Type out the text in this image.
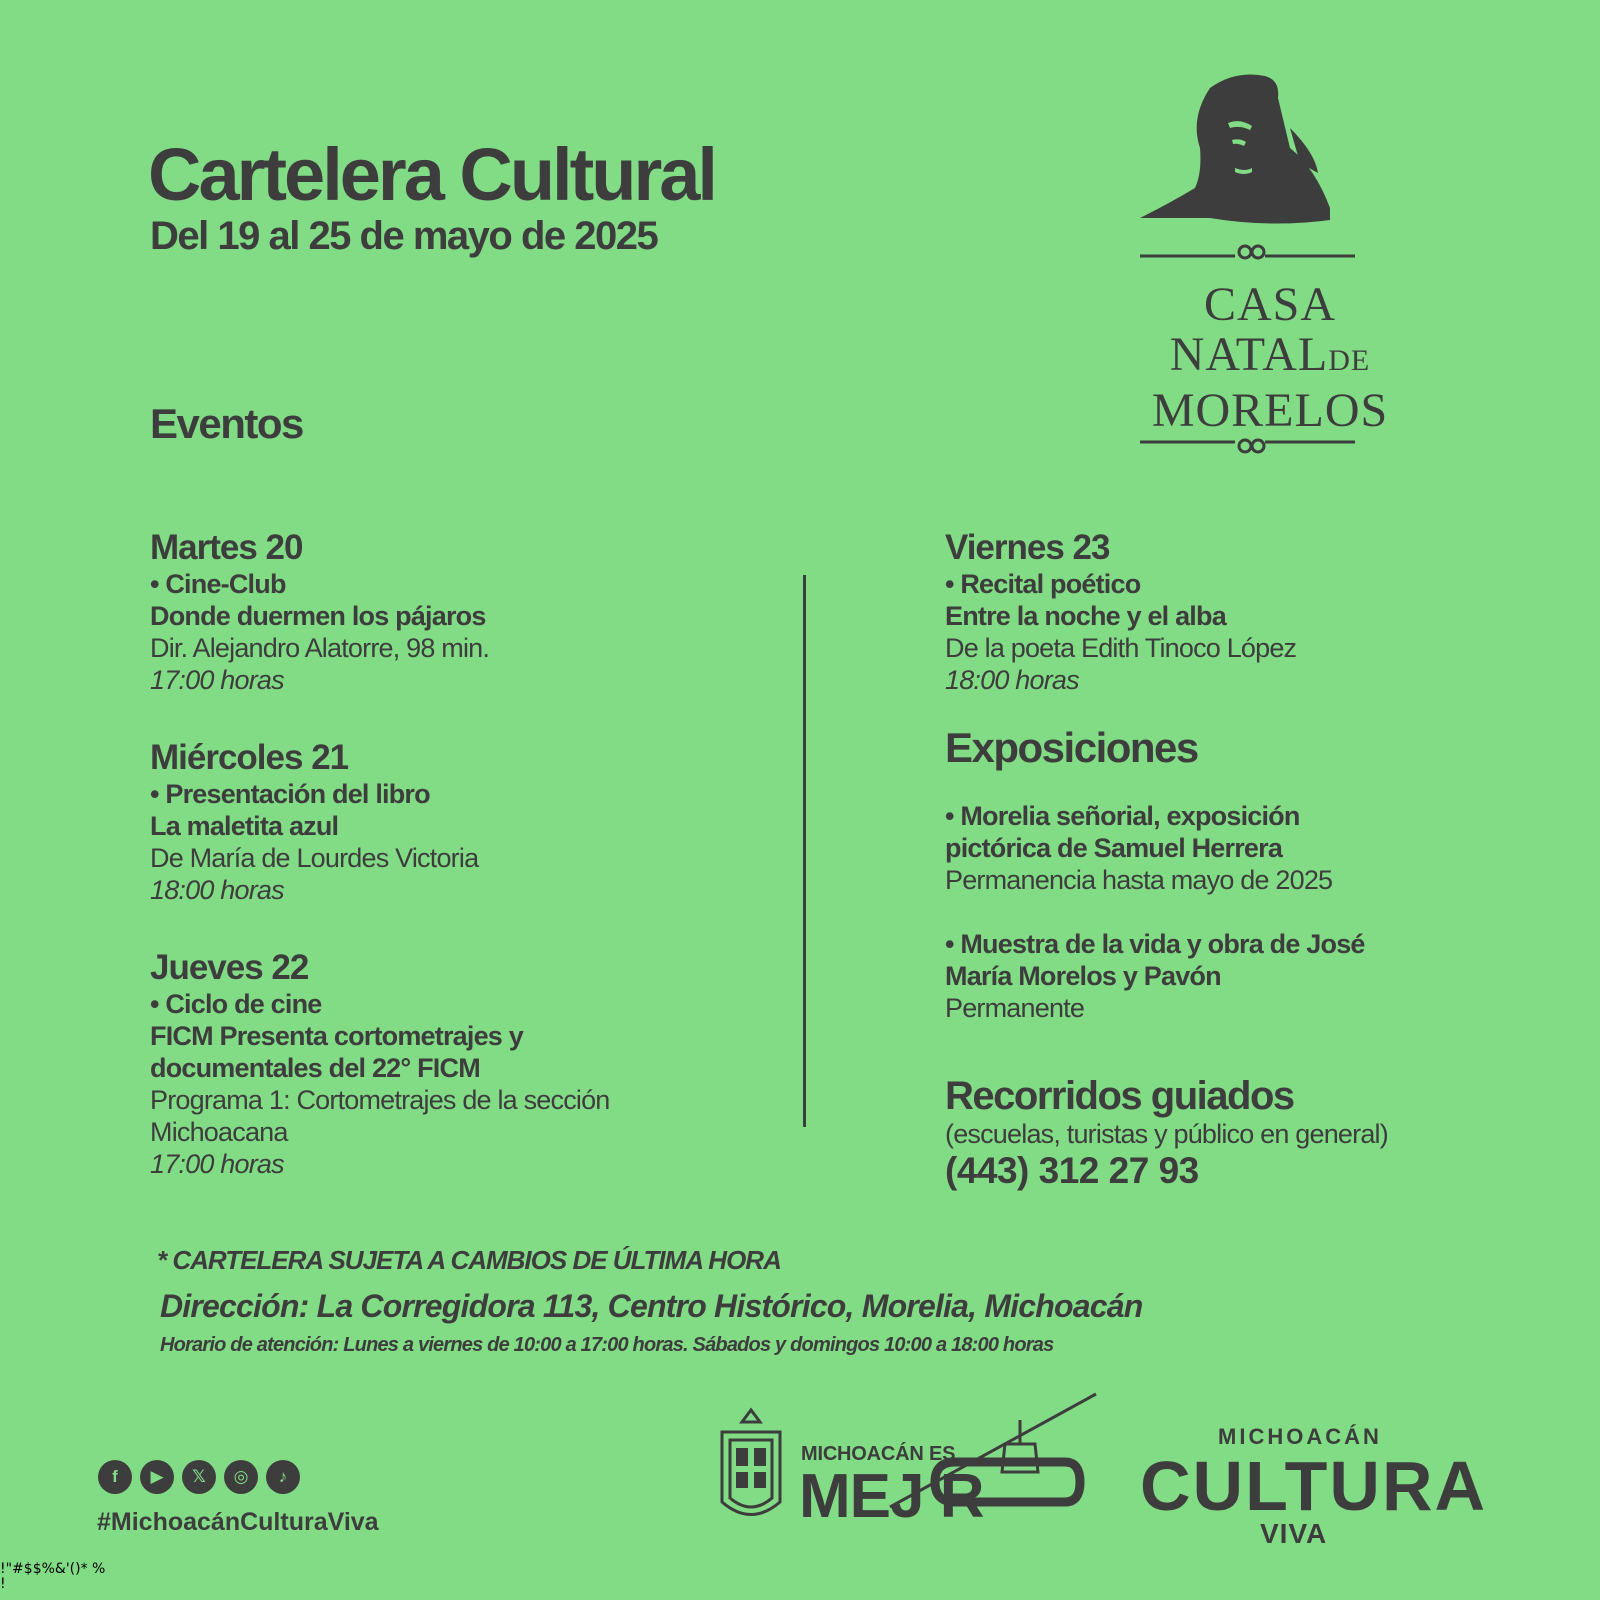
Cartelera Cultural
Del 19 al 25 de mayo de 2025
Eventos
CASA
NATALDE
MORELOS
Martes 20
• Cine-Club
Donde duermen los pájaros
Dir. Alejandro Alatorre, 98 min.
17:00 horas
Miércoles 21
• Presentación del libro
La maletita azul
De María de Lourdes Victoria
18:00 horas
Jueves 22
• Ciclo de cine
FICM Presenta cortometrajes y
documentales del 22° FICM
Programa 1: Cortometrajes de la sección
Michoacana
17:00 horas
Viernes 23
• Recital poético
Entre la noche y el alba
De la poeta Edith Tinoco López
18:00 horas
Exposiciones
• Morelia señorial, exposición
pictórica de Samuel Herrera
Permanencia hasta mayo de 2025
• Muestra de la vida y obra de José
María Morelos y Pavón
Permanente
Recorridos guiados
(escuelas, turistas y público en general)
(443) 312 27 93
* CARTELERA SUJETA A CAMBIOS DE ÚLTIMA HORA
Dirección: La Corregidora 113, Centro Histórico, Morelia, Michoacán
Horario de atención: Lunes a viernes de 10:00 a 17:00 horas. Sábados y domingos 10:00 a 18:00 horas
f	▶	𝕏	◎	♪
#MichoacánCulturaViva
!"#$$%&'()* %
!
MICHOACÁN ES
MEJ R
MICHOACÁN
CULTURA
VIVA
